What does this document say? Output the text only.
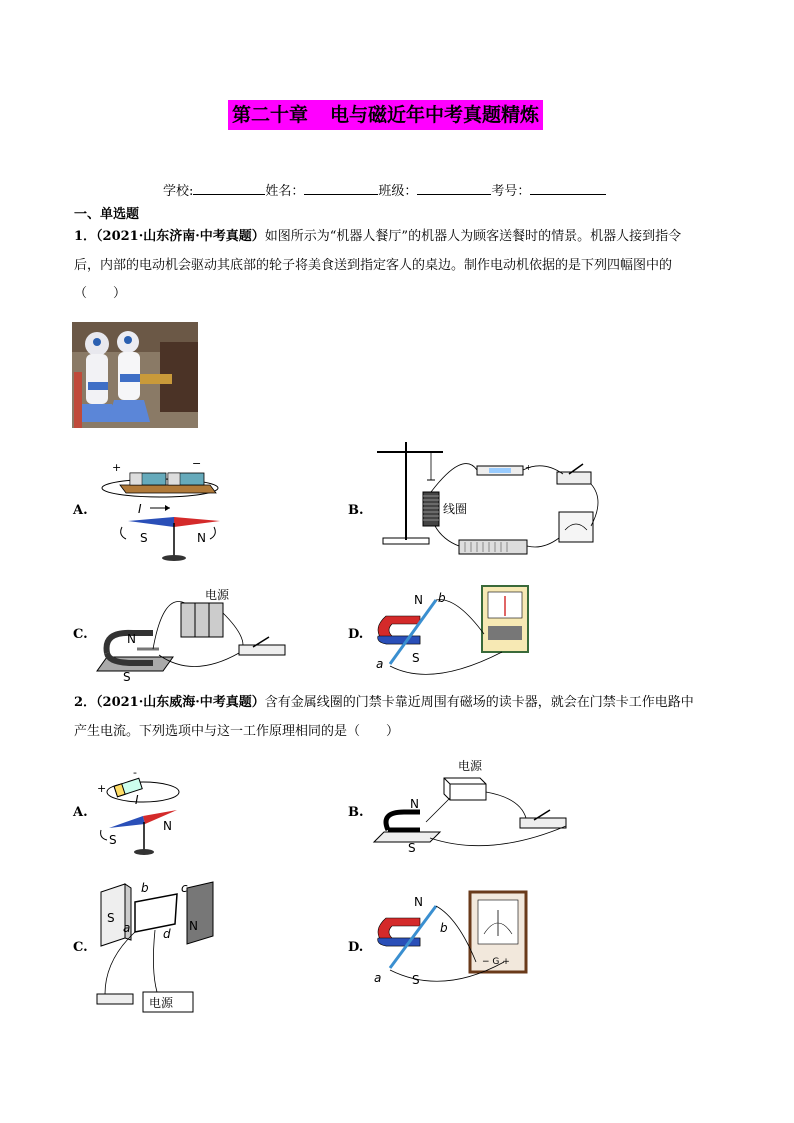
第二十章 电与磁近年中考真题精炼
学校:	姓名：	班级：	考号：
一、单选题
1．（2021·山东济南·中考真题）如图所示为“机器人餐厅”的机器人为顾客送餐时的情景。机器人接到指令
后，内部的电动机会驱动其底部的轮子将美食送到指定客人的桌边。制作电动机依据的是下列四幅图中的
（　　）
A.	B.
C.	D.
+	−
I
S	N
线圈
+
电源
N
S
N
S
b
a
2．（2021·山东威海·中考真题）含有金属线圈的门禁卡靠近周围有磁场的读卡器，就会在门禁卡工作电路中
产生电流。下列选项中与这一工作原理相同的是（　　）
A.	B.
C.	D.
+
-
I
S
N
电源
N
S
S
N
b	c
a	d
电源
N
S
b
a
− G +
